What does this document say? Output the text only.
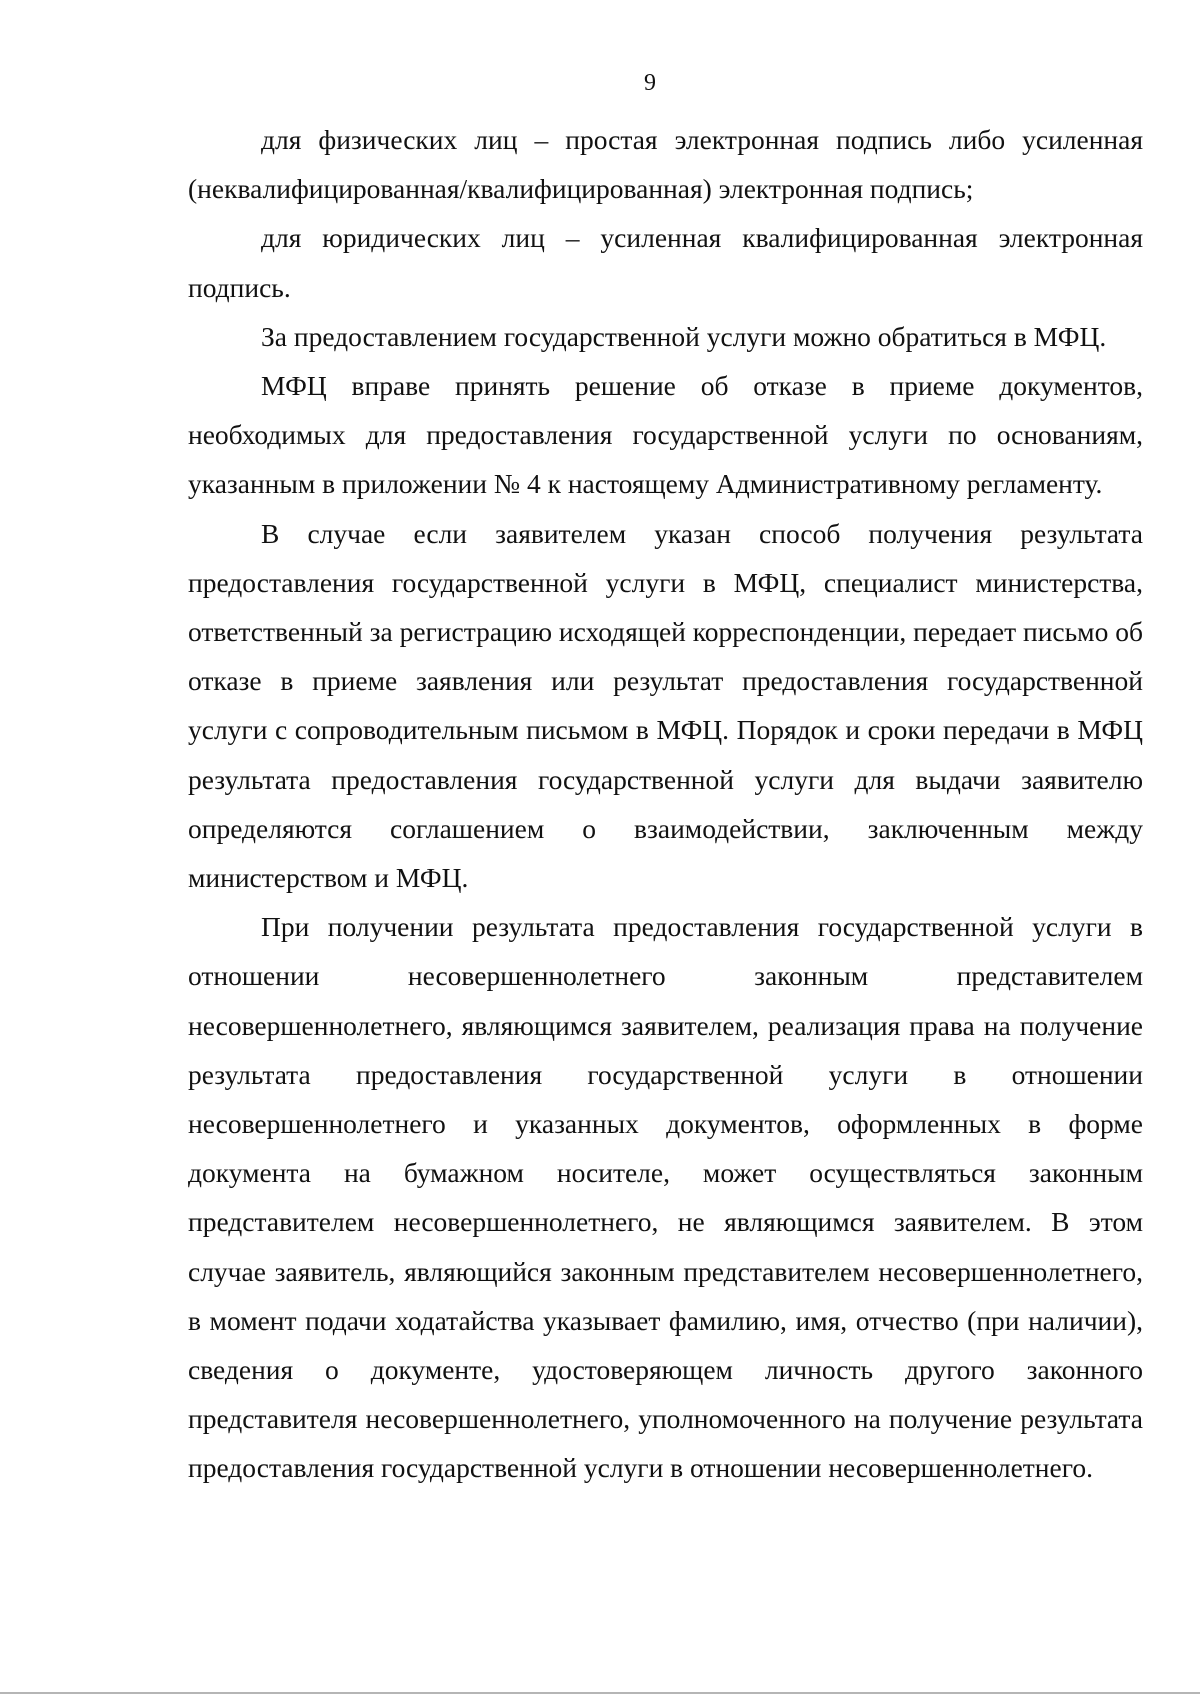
9

для физических лиц – простая электронная подпись либо усиленная (неквалифицированная/квалифицированная) электронная подпись;

для юридических лиц – усиленная квалифицированная электронная подпись.

За предоставлением государственной услуги можно обратиться в МФЦ.

МФЦ вправе принять решение об отказе в приеме документов, необходимых для предоставления государственной услуги по основаниям, указанным в приложении № 4 к настоящему Административному регламенту.

В случае если заявителем указан способ получения результата предоставления государственной услуги в МФЦ, специалист министерства, ответственный за регистрацию исходящей корреспонденции, передает письмо об отказе в приеме заявления или результат предоставления государственной услуги с сопроводительным письмом в МФЦ. Порядок и сроки передачи в МФЦ результата предоставления государственной услуги для выдачи заявителю определяются соглашением о взаимодействии, заключенным между министерством и МФЦ.

При получении результата предоставления государственной услуги в отношении несовершеннолетнего законным представителем несовершеннолетнего, являющимся заявителем, реализация права на получение результата предоставления государственной услуги в отношении несовершеннолетнего и указанных документов, оформленных в форме документа на бумажном носителе, может осуществляться законным представителем несовершеннолетнего, не являющимся заявителем. В этом случае заявитель, являющийся законным представителем несовершеннолетнего, в момент подачи ходатайства указывает фамилию, имя, отчество (при наличии), сведения о документе, удостоверяющем личность другого законного представителя несовершеннолетнего, уполномоченного на получение результата предоставления государственной услуги в отношении несовершеннолетнего.
